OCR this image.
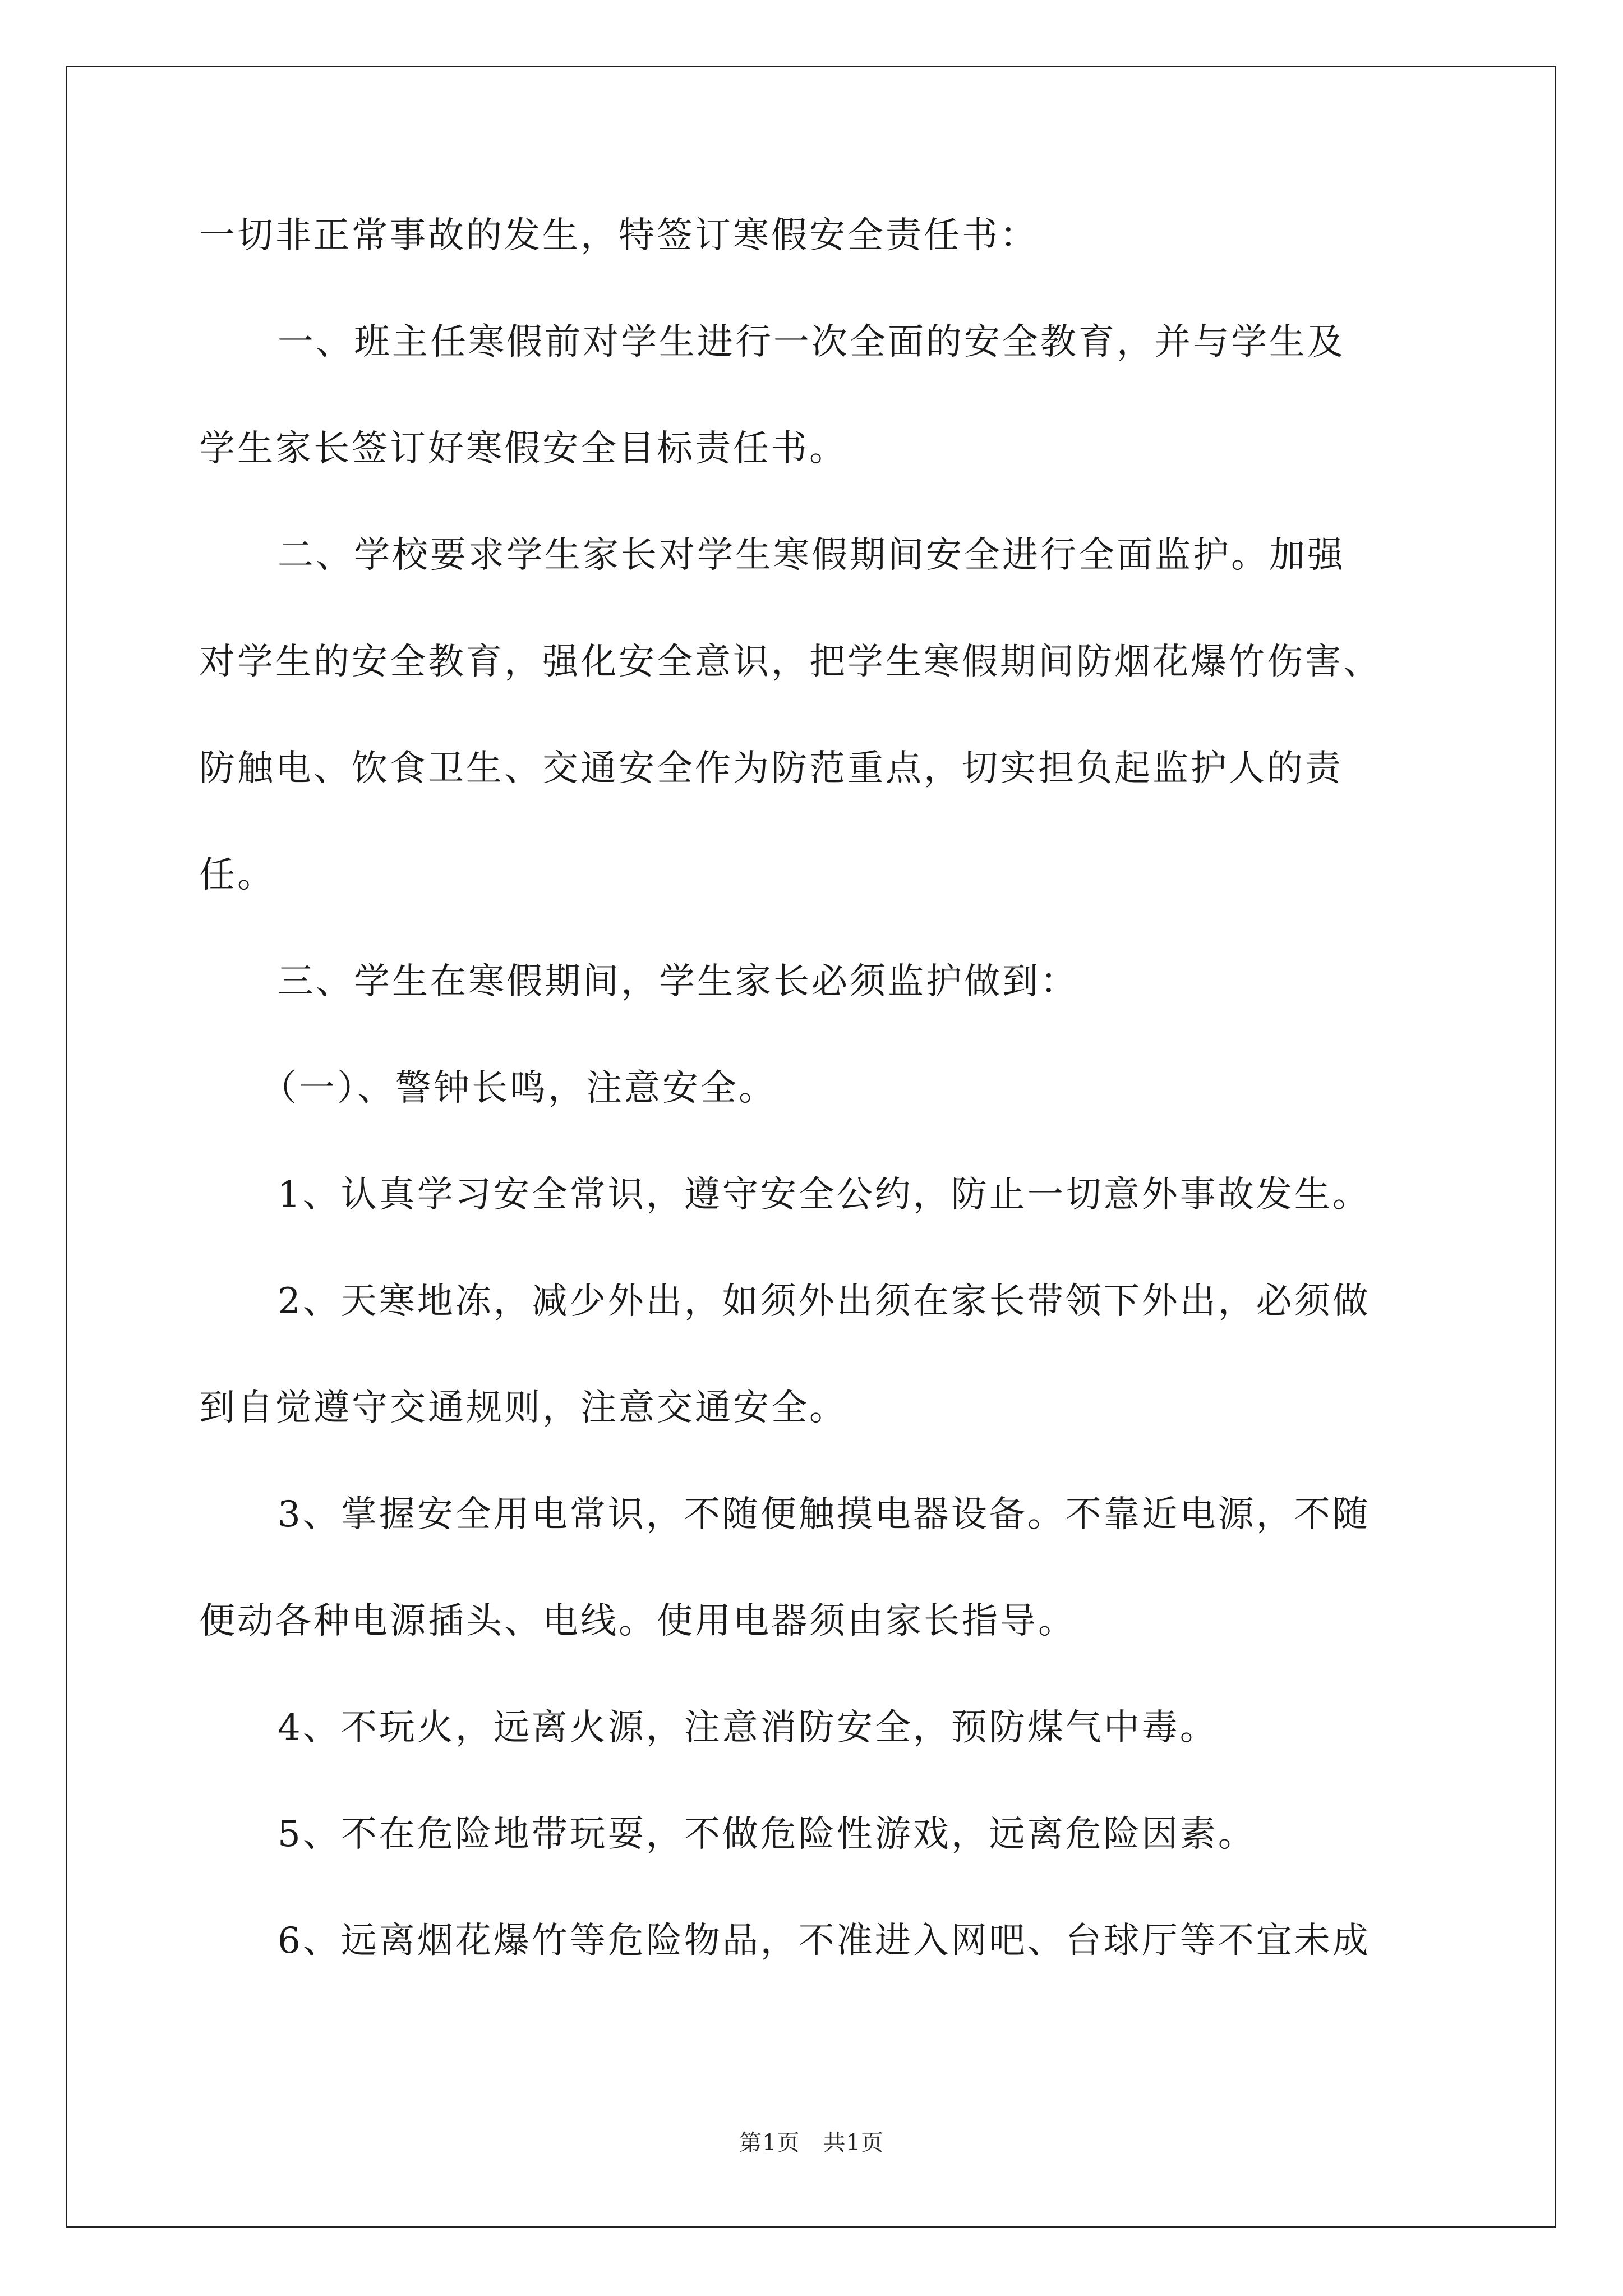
一切非正常事故的发生，特签订寒假安全责任书：
一、班主任寒假前对学生进行一次全面的安全教育，并与学生及
学生家长签订好寒假安全目标责任书。
二、学校要求学生家长对学生寒假期间安全进行全面监护。加强
对学生的安全教育，强化安全意识，把学生寒假期间防烟花爆竹伤害、
防触电、饮食卫生、交通安全作为防范重点，切实担负起监护人的责
任。
三、学生在寒假期间，学生家长必须监护做到：
（一）、警钟长鸣，注意安全。
1、认真学习安全常识，遵守安全公约，防止一切意外事故发生。
2、天寒地冻，减少外出，如须外出须在家长带领下外出，必须做
到自觉遵守交通规则，注意交通安全。
3、掌握安全用电常识，不随便触摸电器设备。不靠近电源，不随
便动各种电源插头、电线。使用电器须由家长指导。
4、不玩火，远离火源，注意消防安全，预防煤气中毒。
5、不在危险地带玩耍，不做危险性游戏，远离危险因素。
6、远离烟花爆竹等危险物品，不准进入网吧、台球厅等不宜未成
第1页　共1页
